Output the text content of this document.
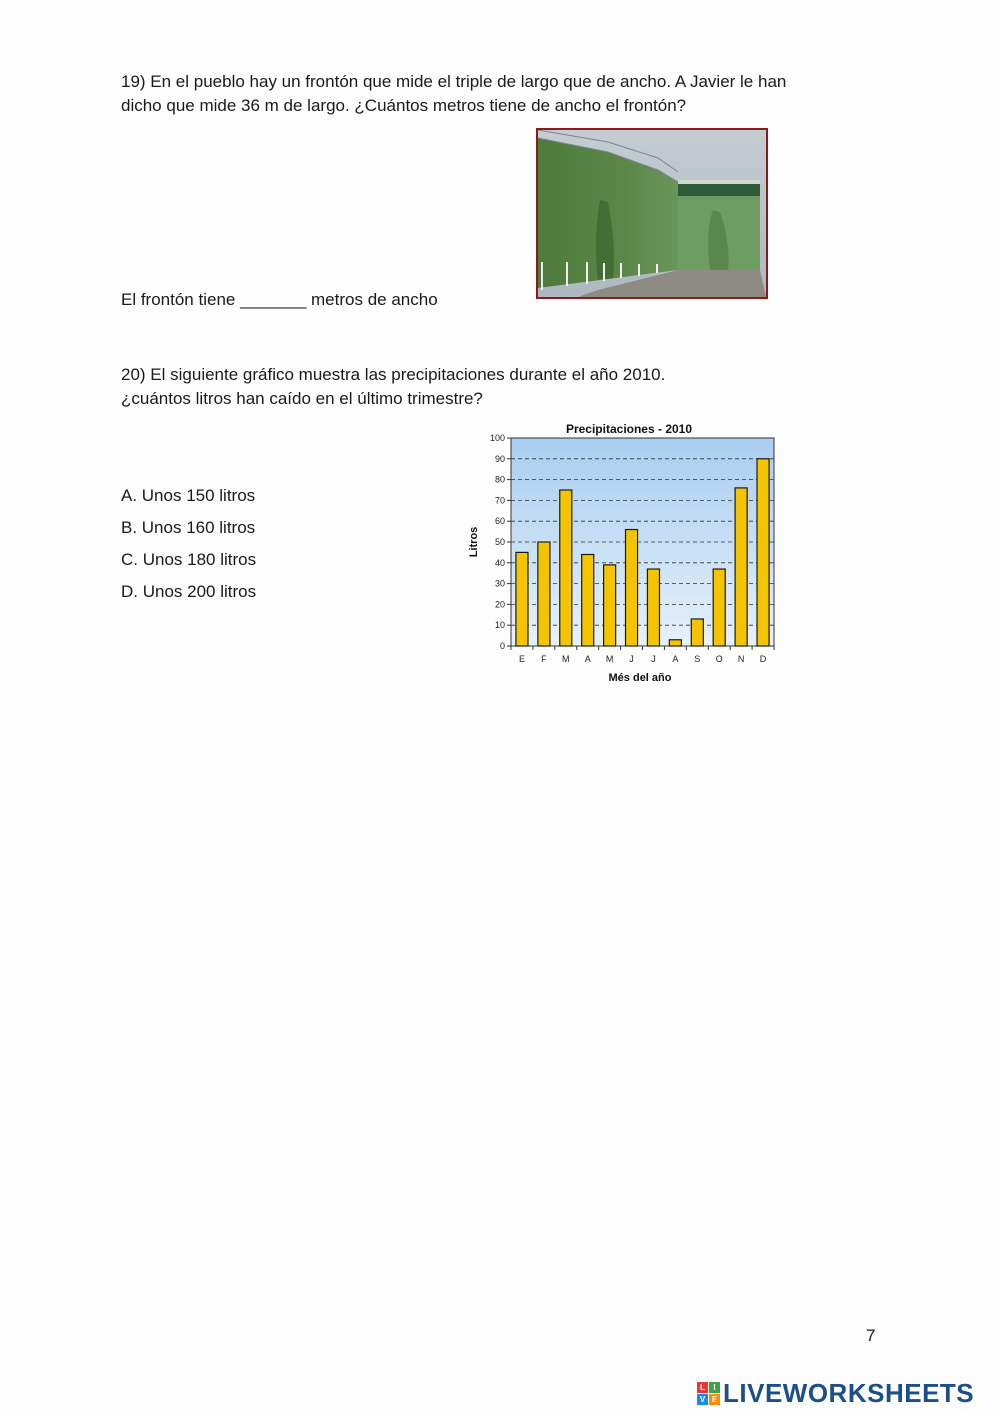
19) En el pueblo hay un frontón que mide el triple de largo que de ancho. A Javier le han dicho que mide 36 m de largo. ¿Cuántos metros tiene de ancho el frontón?

El frontón tiene _______ metros de ancho
20) El siguiente gráfico muestra las precipitaciones durante el año 2010.
¿cuántos litros han caído en el último trimestre?
A. Unos 150 litros
B. Unos 160 litros
C. Unos 180 litros
D. Unos 200 litros
Precipitaciones - 2010
0
10
20
30
40
50
60
70
80
90
100
E F M A M J J A S O N D
Litros
Més del año
7
L	I
V E LIVEWORKSHEETS
